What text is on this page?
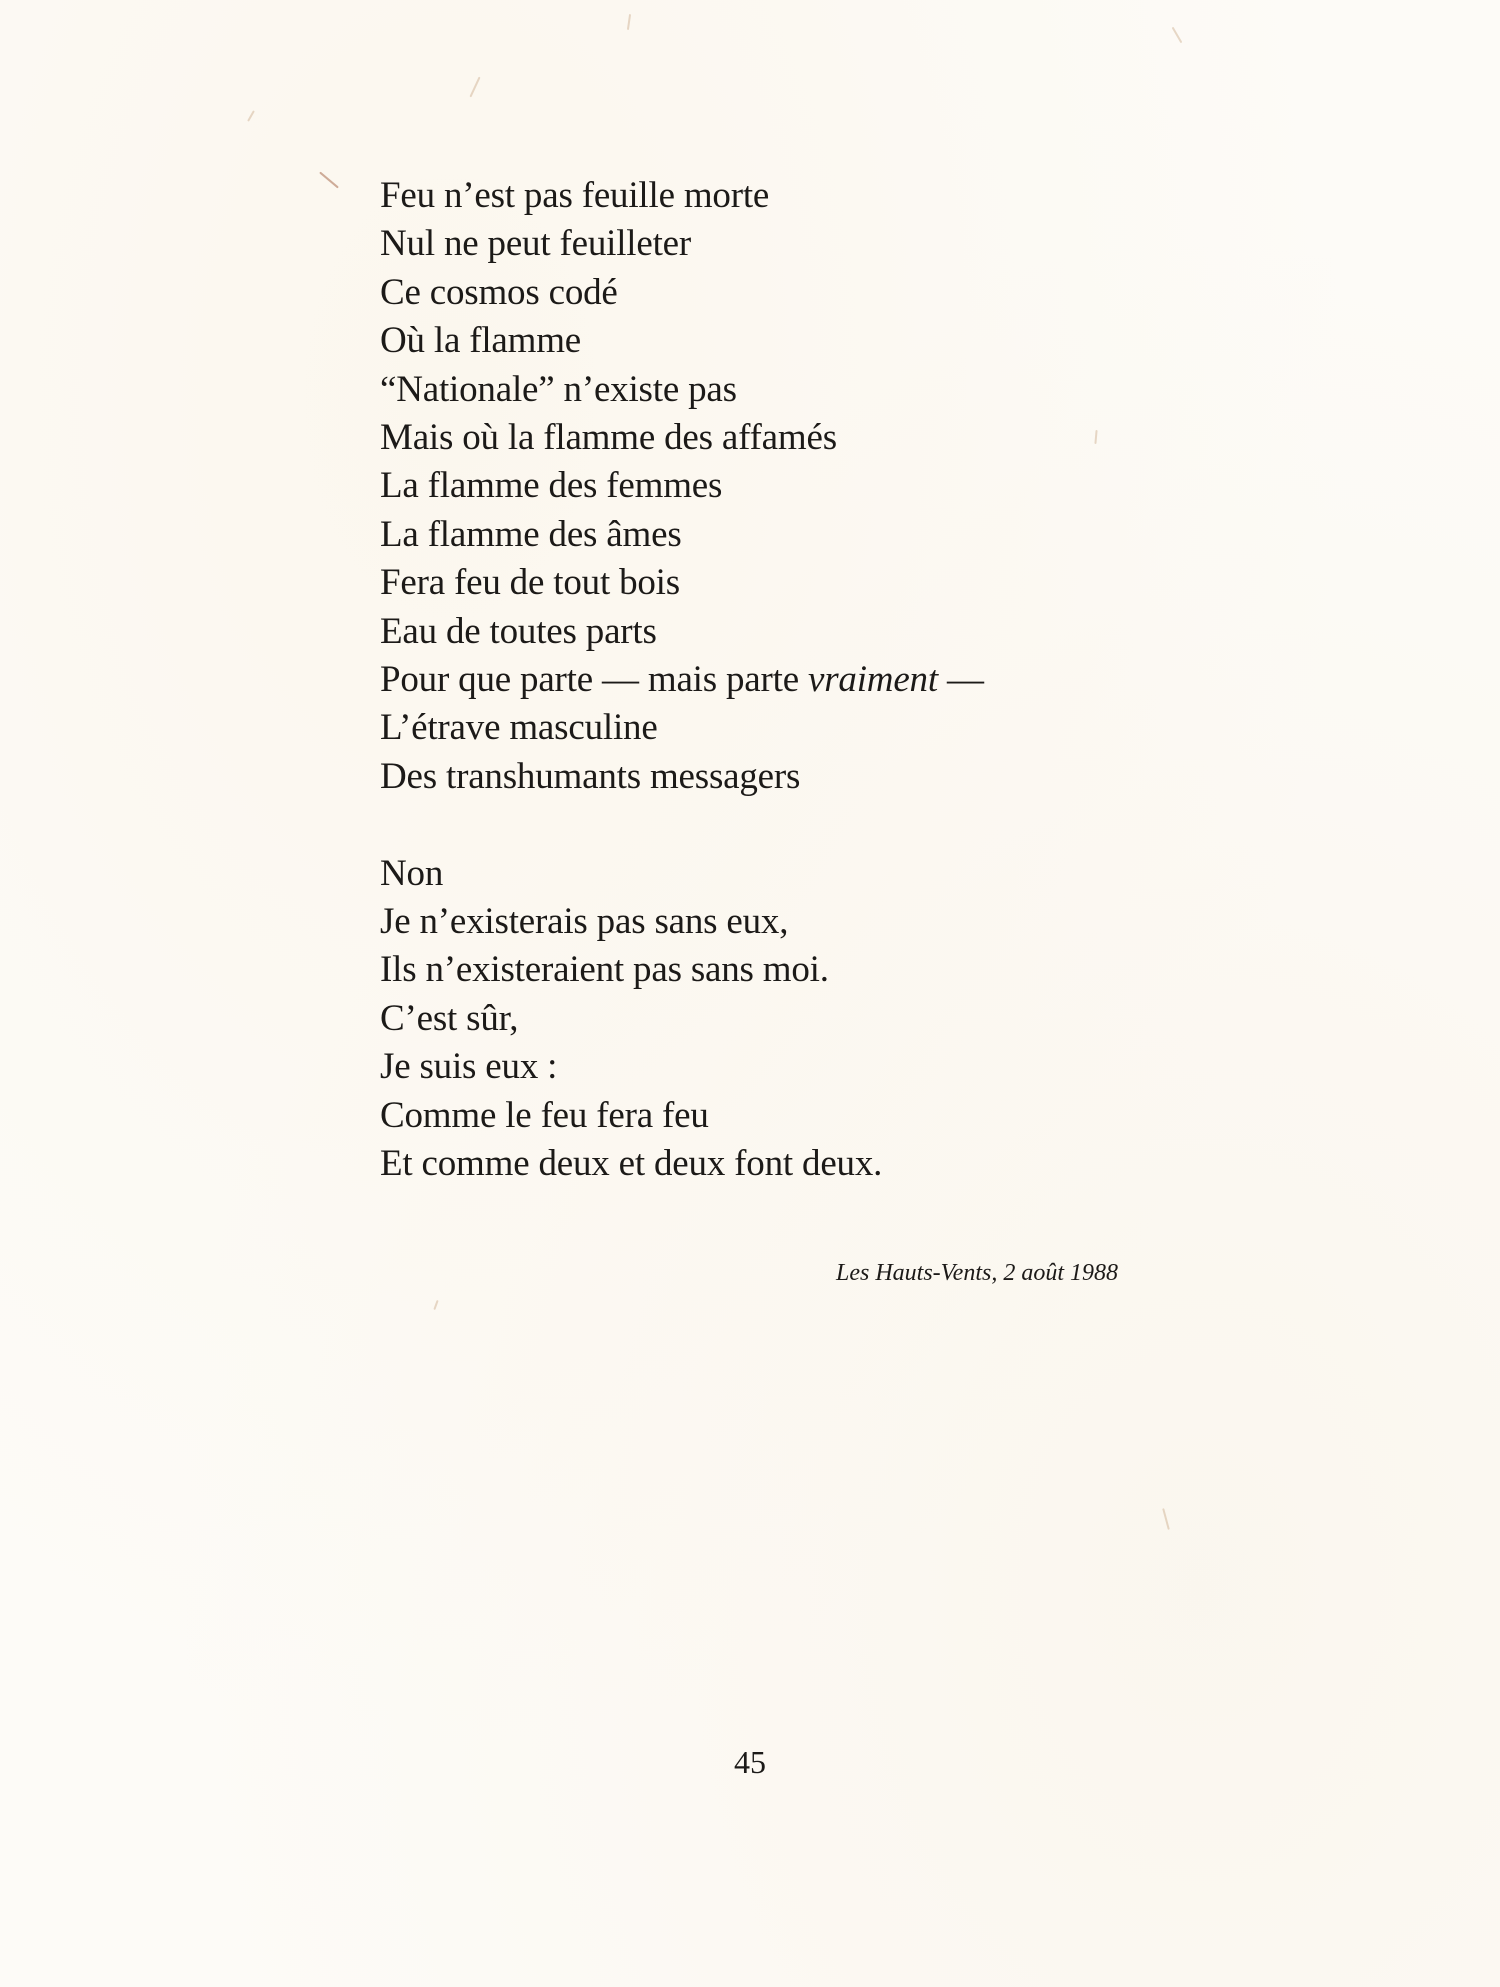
Feu n’est pas feuille morte
Nul ne peut feuilleter
Ce cosmos codé
Où la flamme
“Nationale” n’existe pas
Mais où la flamme des affamés
La flamme des femmes
La flamme des âmes
Fera feu de tout bois
Eau de toutes parts
Pour que parte — mais parte vraiment —
L’étrave masculine
Des transhumants messagers
Non
Je n’existerais pas sans eux,
Ils n’existeraient pas sans moi.
C’est sûr,
Je suis eux :
Comme le feu fera feu
Et comme deux et deux font deux.
Les Hauts-Vents, 2 août 1988
45
